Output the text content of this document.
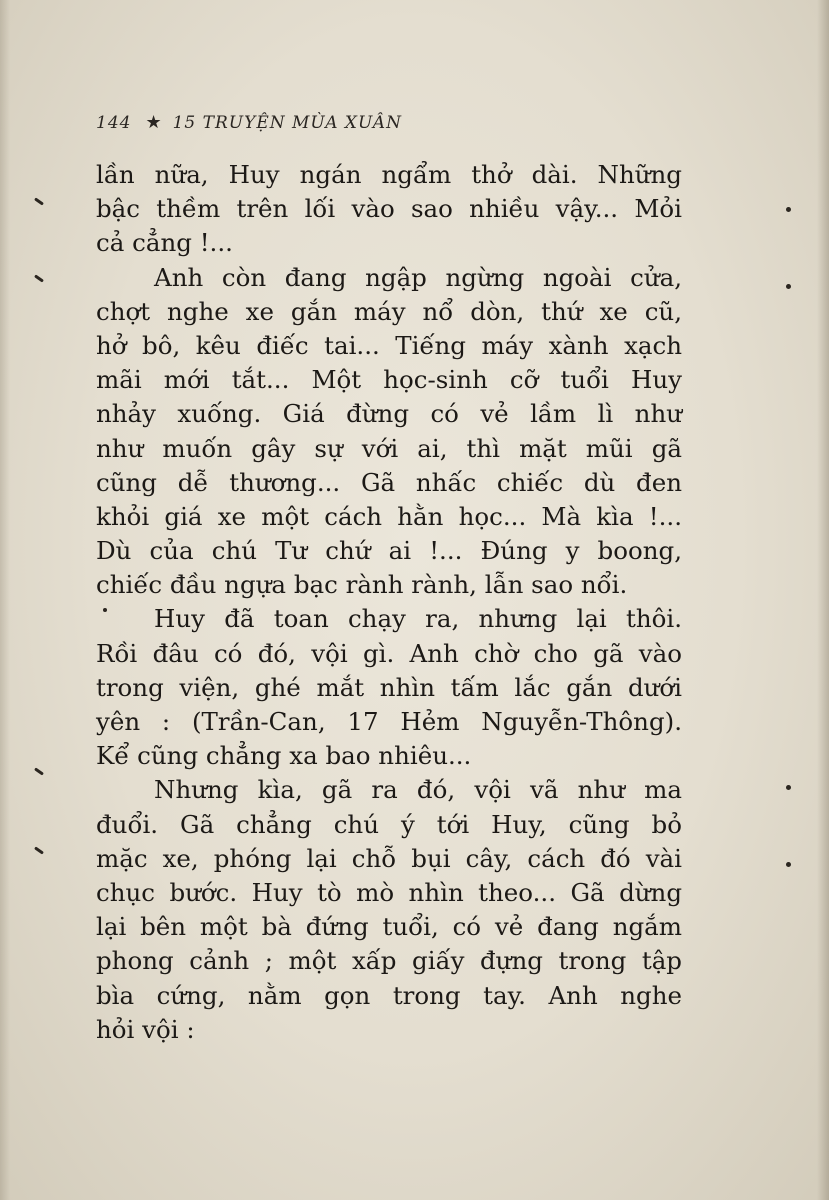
144 ★ 15 TRUYỆN MÙA XUÂN
lần nữa, Huy ngán ngẩm thở dài. Những
bậc thềm trên lối vào sao nhiều vậy... Mỏi
cả cẳng !...
Anh còn đang ngập ngừng ngoài cửa,
chợt nghe xe gắn máy nổ dòn, thứ xe cũ,
hở bô, kêu điếc tai... Tiếng máy xành xạch
mãi mới tắt... Một học-sinh cỡ tuổi Huy
nhảy xuống. Giá đừng có vẻ lầm lì như
như muốn gây sự với ai, thì mặt mũi gã
cũng dễ thương... Gã nhấc chiếc dù đen
khỏi giá xe một cách hằn học... Mà kìa !...
Dù của chú Tư chứ ai !... Đúng y boong,
chiếc đầu ngựa bạc rành rành, lẫn sao nổi.
Huy đã toan chạy ra, nhưng lại thôi.
Rồi đâu có đó, vội gì. Anh chờ cho gã vào
trong viện, ghé mắt nhìn tấm lắc gắn dưới
yên : (Trần-Can, 17 Hẻm Nguyễn-Thông).
Kể cũng chẳng xa bao nhiêu...
Nhưng kìa, gã ra đó, vội vã như ma
đuổi. Gã chẳng chú ý tới Huy, cũng bỏ
mặc xe, phóng lại chỗ bụi cây, cách đó vài
chục bước. Huy tò mò nhìn theo... Gã dừng
lại bên một bà đứng tuổi, có vẻ đang ngắm
phong cảnh ; một xấp giấy đựng trong tập
bìa cứng, nằm gọn trong tay. Anh nghe
hỏi vội :
